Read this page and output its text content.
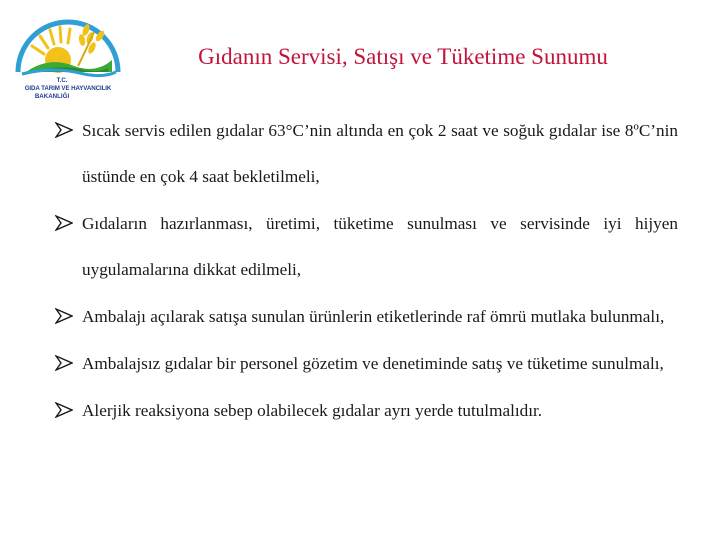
T.C.
GIDA TARIM VE HAYVANCILIK
BAKANLIĞI
Gıdanın Servisi, Satışı ve Tüketime Sunumu
Sıcak servis edilen gıdalar 63°C’nin altında en çok 2 saat ve soğuk gıdalar ise 8ºC’nin üstünde en çok 4 saat bekletilmeli,
Gıdaların hazırlanması, üretimi, tüketime sunulması ve servisinde iyi hijyen uygulamalarına dikkat edilmeli,
Ambalajı açılarak satışa sunulan ürünlerin etiketlerinde raf ömrü mutlaka bulunmalı,
Ambalajsız gıdalar bir personel gözetim ve denetiminde satış ve tüketime sunulmalı,
Alerjik reaksiyona sebep olabilecek gıdalar ayrı yerde tutulmalıdır.
